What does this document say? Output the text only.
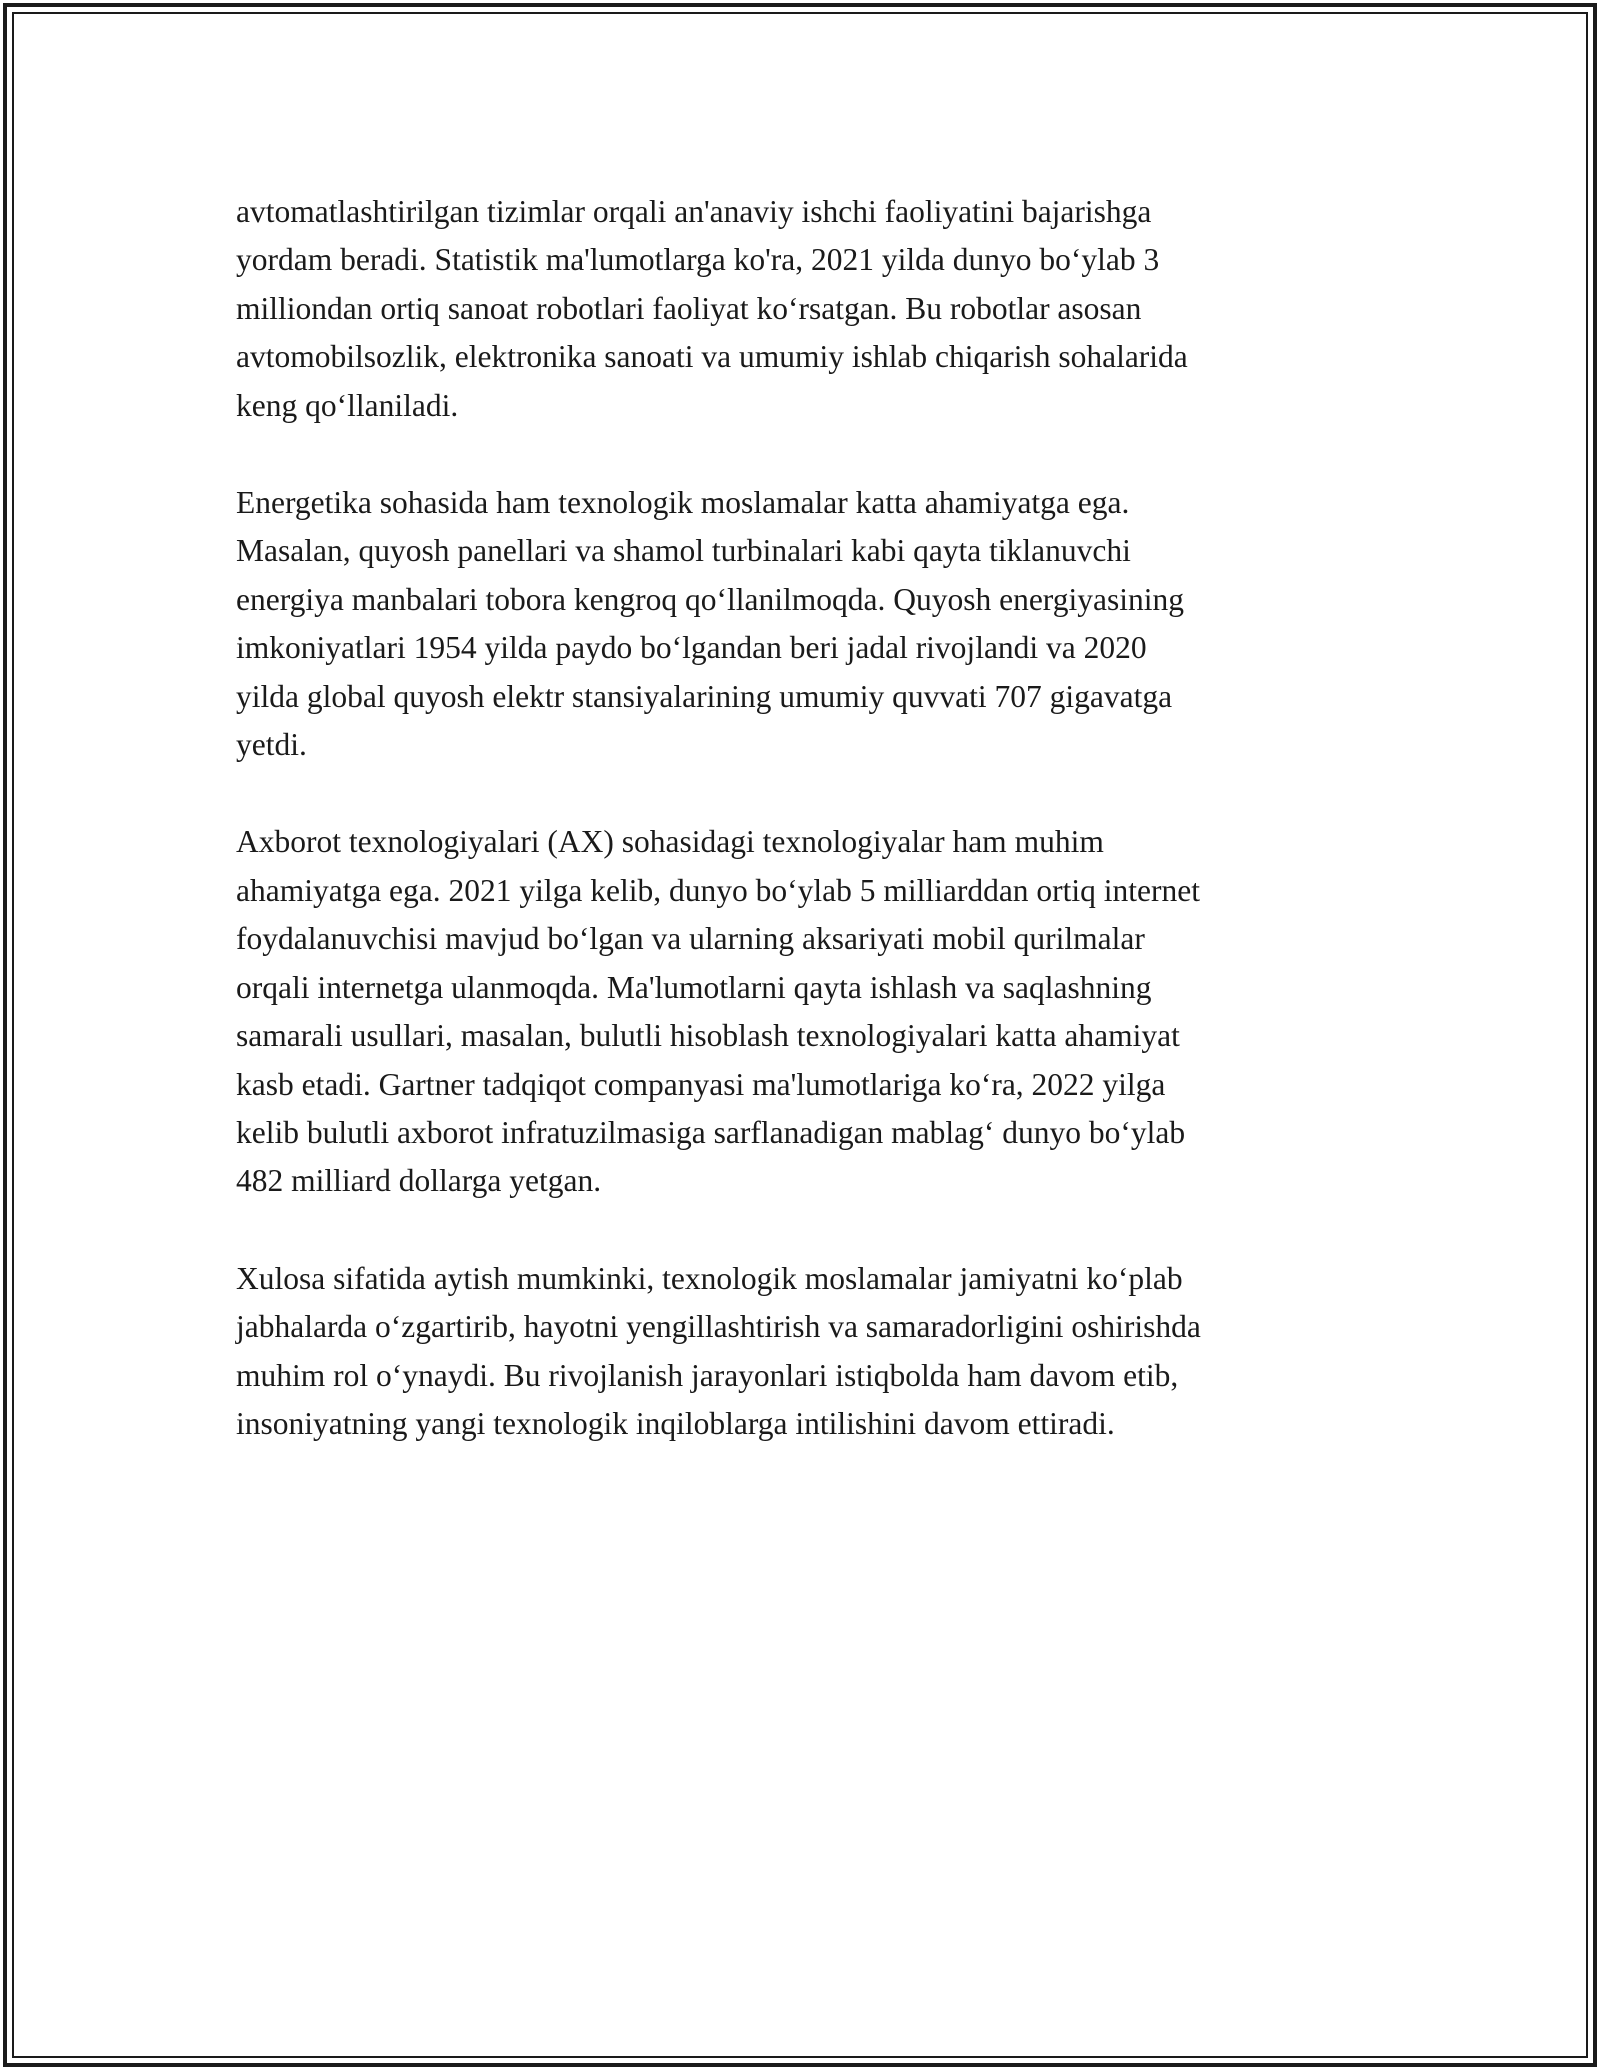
avtomatlashtirilgan tizimlar orqali an'anaviy ishchi faoliyatini bajarishga
yordam beradi. Statistik ma'lumotlarga ko'ra, 2021 yilda dunyo bo‘ylab 3
milliondan ortiq sanoat robotlari faoliyat ko‘rsatgan. Bu robotlar asosan
avtomobilsozlik, elektronika sanoati va umumiy ishlab chiqarish sohalarida
keng qo‘llaniladi.

Energetika sohasida ham texnologik moslamalar katta ahamiyatga ega.
Masalan, quyosh panellari va shamol turbinalari kabi qayta tiklanuvchi
energiya manbalari tobora kengroq qo‘llanilmoqda. Quyosh energiyasining
imkoniyatlari 1954 yilda paydo bo‘lgandan beri jadal rivojlandi va 2020
yilda global quyosh elektr stansiyalarining umumiy quvvati 707 gigavatga
yetdi.

Axborot texnologiyalari (AX) sohasidagi texnologiyalar ham muhim
ahamiyatga ega. 2021 yilga kelib, dunyo bo‘ylab 5 milliarddan ortiq internet
foydalanuvchisi mavjud bo‘lgan va ularning aksariyati mobil qurilmalar
orqali internetga ulanmoqda. Ma'lumotlarni qayta ishlash va saqlashning
samarali usullari, masalan, bulutli hisoblash texnologiyalari katta ahamiyat
kasb etadi. Gartner tadqiqot companyasi ma'lumotlariga ko‘ra, 2022 yilga
kelib bulutli axborot infratuzilmasiga sarflanadigan mablag‘ dunyo bo‘ylab
482 milliard dollarga yetgan.

Xulosa sifatida aytish mumkinki, texnologik moslamalar jamiyatni ko‘plab
jabhalarda o‘zgartirib, hayotni yengillashtirish va samaradorligini oshirishda
muhim rol o‘ynaydi. Bu rivojlanish jarayonlari istiqbolda ham davom etib,
insoniyatning yangi texnologik inqiloblarga intilishini davom ettiradi.
